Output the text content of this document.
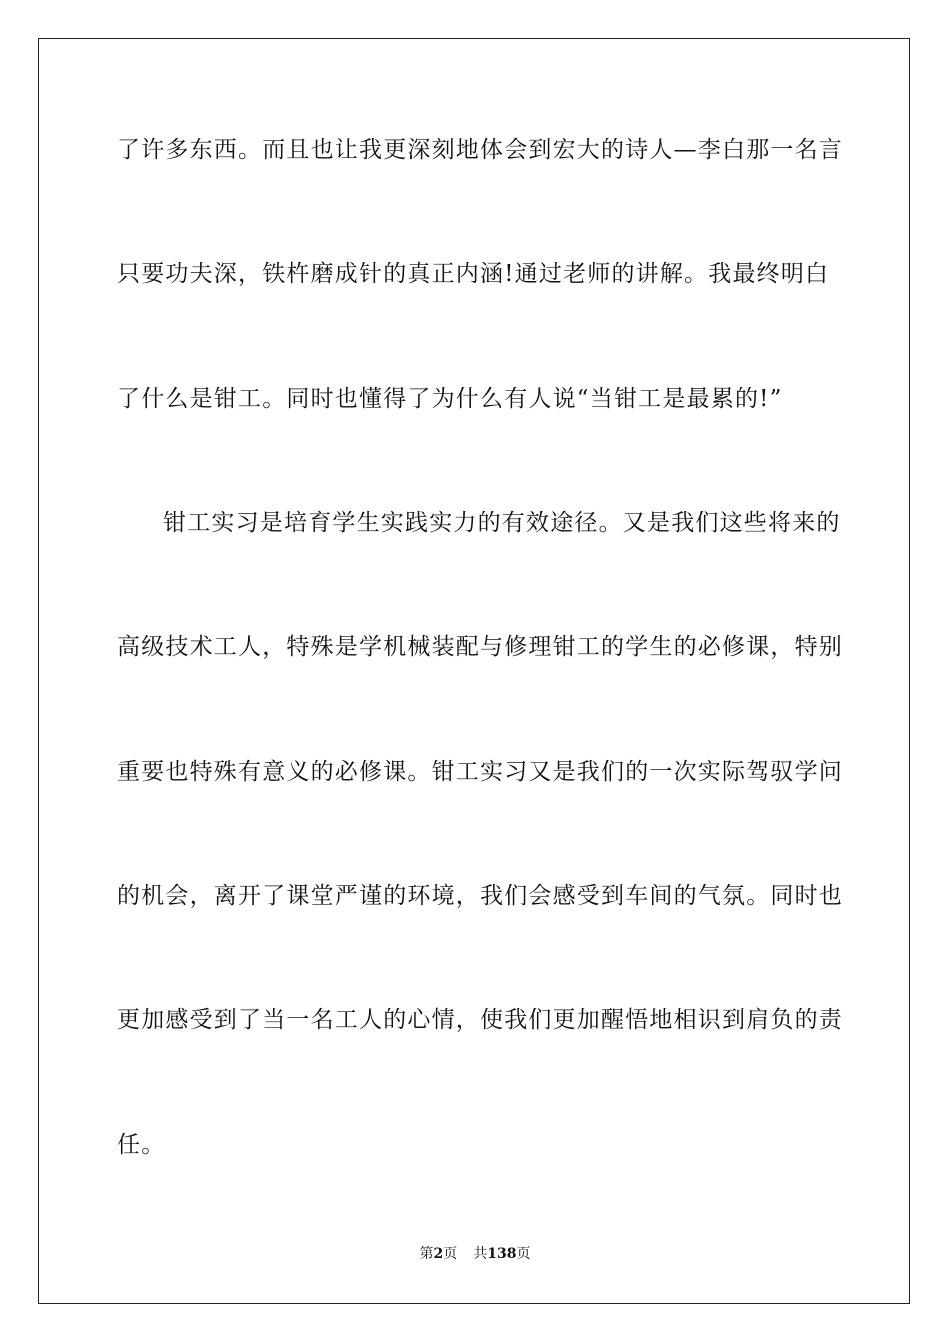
了许多东西。而且也让我更深刻地体会到宏大的诗人—李白那一名言
只要功夫深，铁杵磨成针的真正内涵!通过老师的讲解。我最终明白
了什么是钳工。同时也懂得了为什么有人说“当钳工是最累的!”
钳工实习是培育学生实践实力的有效途径。又是我们这些将来的
高级技术工人，特殊是学机械装配与修理钳工的学生的必修课，特别
重要也特殊有意义的必修课。钳工实习又是我们的一次实际驾驭学问
的机会，离开了课堂严谨的环境，我们会感受到车间的气氛。同时也
更加感受到了当一名工人的心情，使我们更加醒悟地相识到肩负的责
任。
第2页 共138页
